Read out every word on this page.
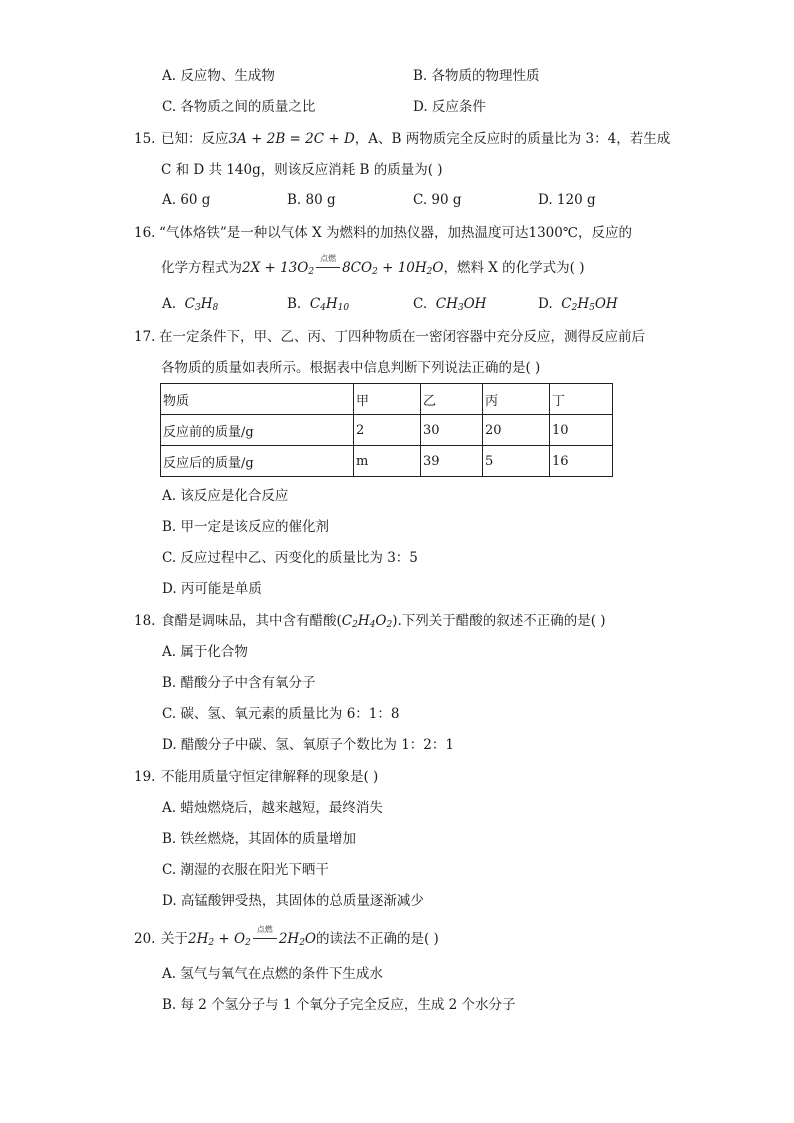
A. 反应物、生成物	B. 各物质的物理性质
C. 各物质之间的质量之比	D. 反应条件
15. 已知：反应3A + 2B = 2C + D，A、B 两物质完全反应时的质量比为 3：4，若生成
C 和 D 共 140g，则该反应消耗 B 的质量为( )
A. 60 g	B. 80 g	C. 90 g	D. 120 g
16. “气体烙铁”是一种以气体 X 为燃料的加热仪器，加热温度可达1300℃，反应的
化学方程式为$2X + 13O_2$
点燃
$8CO_2 + 10H_2O$，燃料 X 的化学式为( )
A. $C_3H_8$	B. $C_4H_{10}$	C. $CH_3OH$	D. $C_2H_5OH$
17. 在一定条件下，甲、乙、丙、丁四种物质在一密闭容器中充分反应，测得反应前后
各物质的质量如表所示。根据表中信息判断下列说法正确的是( )
物质	甲	乙	丙	丁
反应前的质量/g	2	30	20	10
反应后的质量/g	m	39	5	16
A. 该反应是化合反应
B. 甲一定是该反应的催化剂
C. 反应过程中乙、丙变化的质量比为 3：5
D. 丙可能是单质
18. 食醋是调味品，其中含有醋酸$(C_2H_4O_2)$.下列关于醋酸的叙述不正确的是( )
A. 属于化合物
B. 醋酸分子中含有氧分子
C. 碳、氢、氧元素的质量比为 6：1：8
D. 醋酸分子中碳、氢、氧原子个数比为 1：2：1
19. 不能用质量守恒定律解释的现象是( )
A. 蜡烛燃烧后，越来越短，最终消失
B. 铁丝燃烧，其固体的质量增加
C. 潮湿的衣服在阳光下晒干
D. 高锰酸钾受热，其固体的总质量逐渐减少
20. 关于$2H_2 + O_2$
点燃
$2H_2O$的读法不正确的是( )
A. 氢气与氧气在点燃的条件下生成水
B. 每 2 个氢分子与 1 个氧分子完全反应，生成 2 个水分子
